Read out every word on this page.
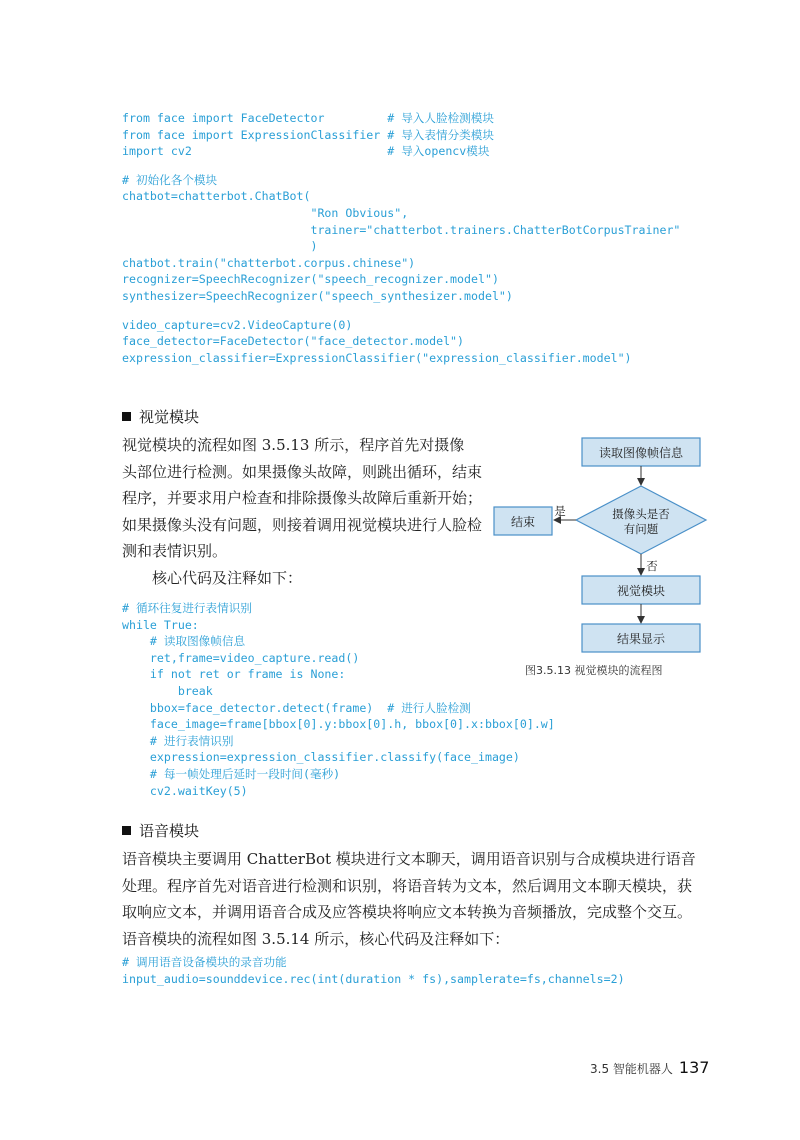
from face import FaceDetector         # 导入人脸检测模块
from face import ExpressionClassifier # 导入表情分类模块
import cv2                            # 导入opencv模块
# 初始化各个模块
chatbot=chatterbot.ChatBot(
"Ron Obvious",
trainer="chatterbot.trainers.ChatterBotCorpusTrainer"
)
chatbot.train("chatterbot.corpus.chinese")
recognizer=SpeechRecognizer("speech_recognizer.model")
synthesizer=SpeechRecognizer("speech_synthesizer.model")
video_capture=cv2.VideoCapture(0)
face_detector=FaceDetector("face_detector.model")
expression_classifier=ExpressionClassifier("expression_classifier.model")
视觉模块

视觉模块的流程如图 3.5.13 所示，程序首先对摄像

头部位进行检测。如果摄像头故障，则跳出循环，结束

程序，并要求用户检查和排除摄像头故障后重新开始；

如果摄像头没有问题，则接着调用视觉模块进行人脸检

测和表情识别。

核心代码及注释如下：

读取图像帧信息
摄像头是否
有问题
是
结束
否
视觉模块
结果显示
图3.5.13 视觉模块的流程图
# 循环往复进行表情识别
while True:
# 读取图像帧信息
ret,frame=video_capture.read()
if not ret or frame is None:
break
bbox=face_detector.detect(frame)  # 进行人脸检测
face_image=frame[bbox[0].y:bbox[0].h, bbox[0].x:bbox[0].w]
# 进行表情识别
expression=expression_classifier.classify(face_image)
# 每一帧处理后延时一段时间(毫秒)
cv2.waitKey(5)
语音模块

语音模块主要调用 ChatterBot 模块进行文本聊天，调用语音识别与合成模块进行语音

处理。程序首先对语音进行检测和识别，将语音转为文本，然后调用文本聊天模块，获

取响应文本，并调用语音合成及应答模块将响应文本转换为音频播放，完成整个交互。

语音模块的流程如图 3.5.14 所示，核心代码及注释如下：

# 调用语音设备模块的录音功能
input_audio=sounddevice.rec(int(duration * fs),samplerate=fs,channels=2)
3.5 智能机器人 137
